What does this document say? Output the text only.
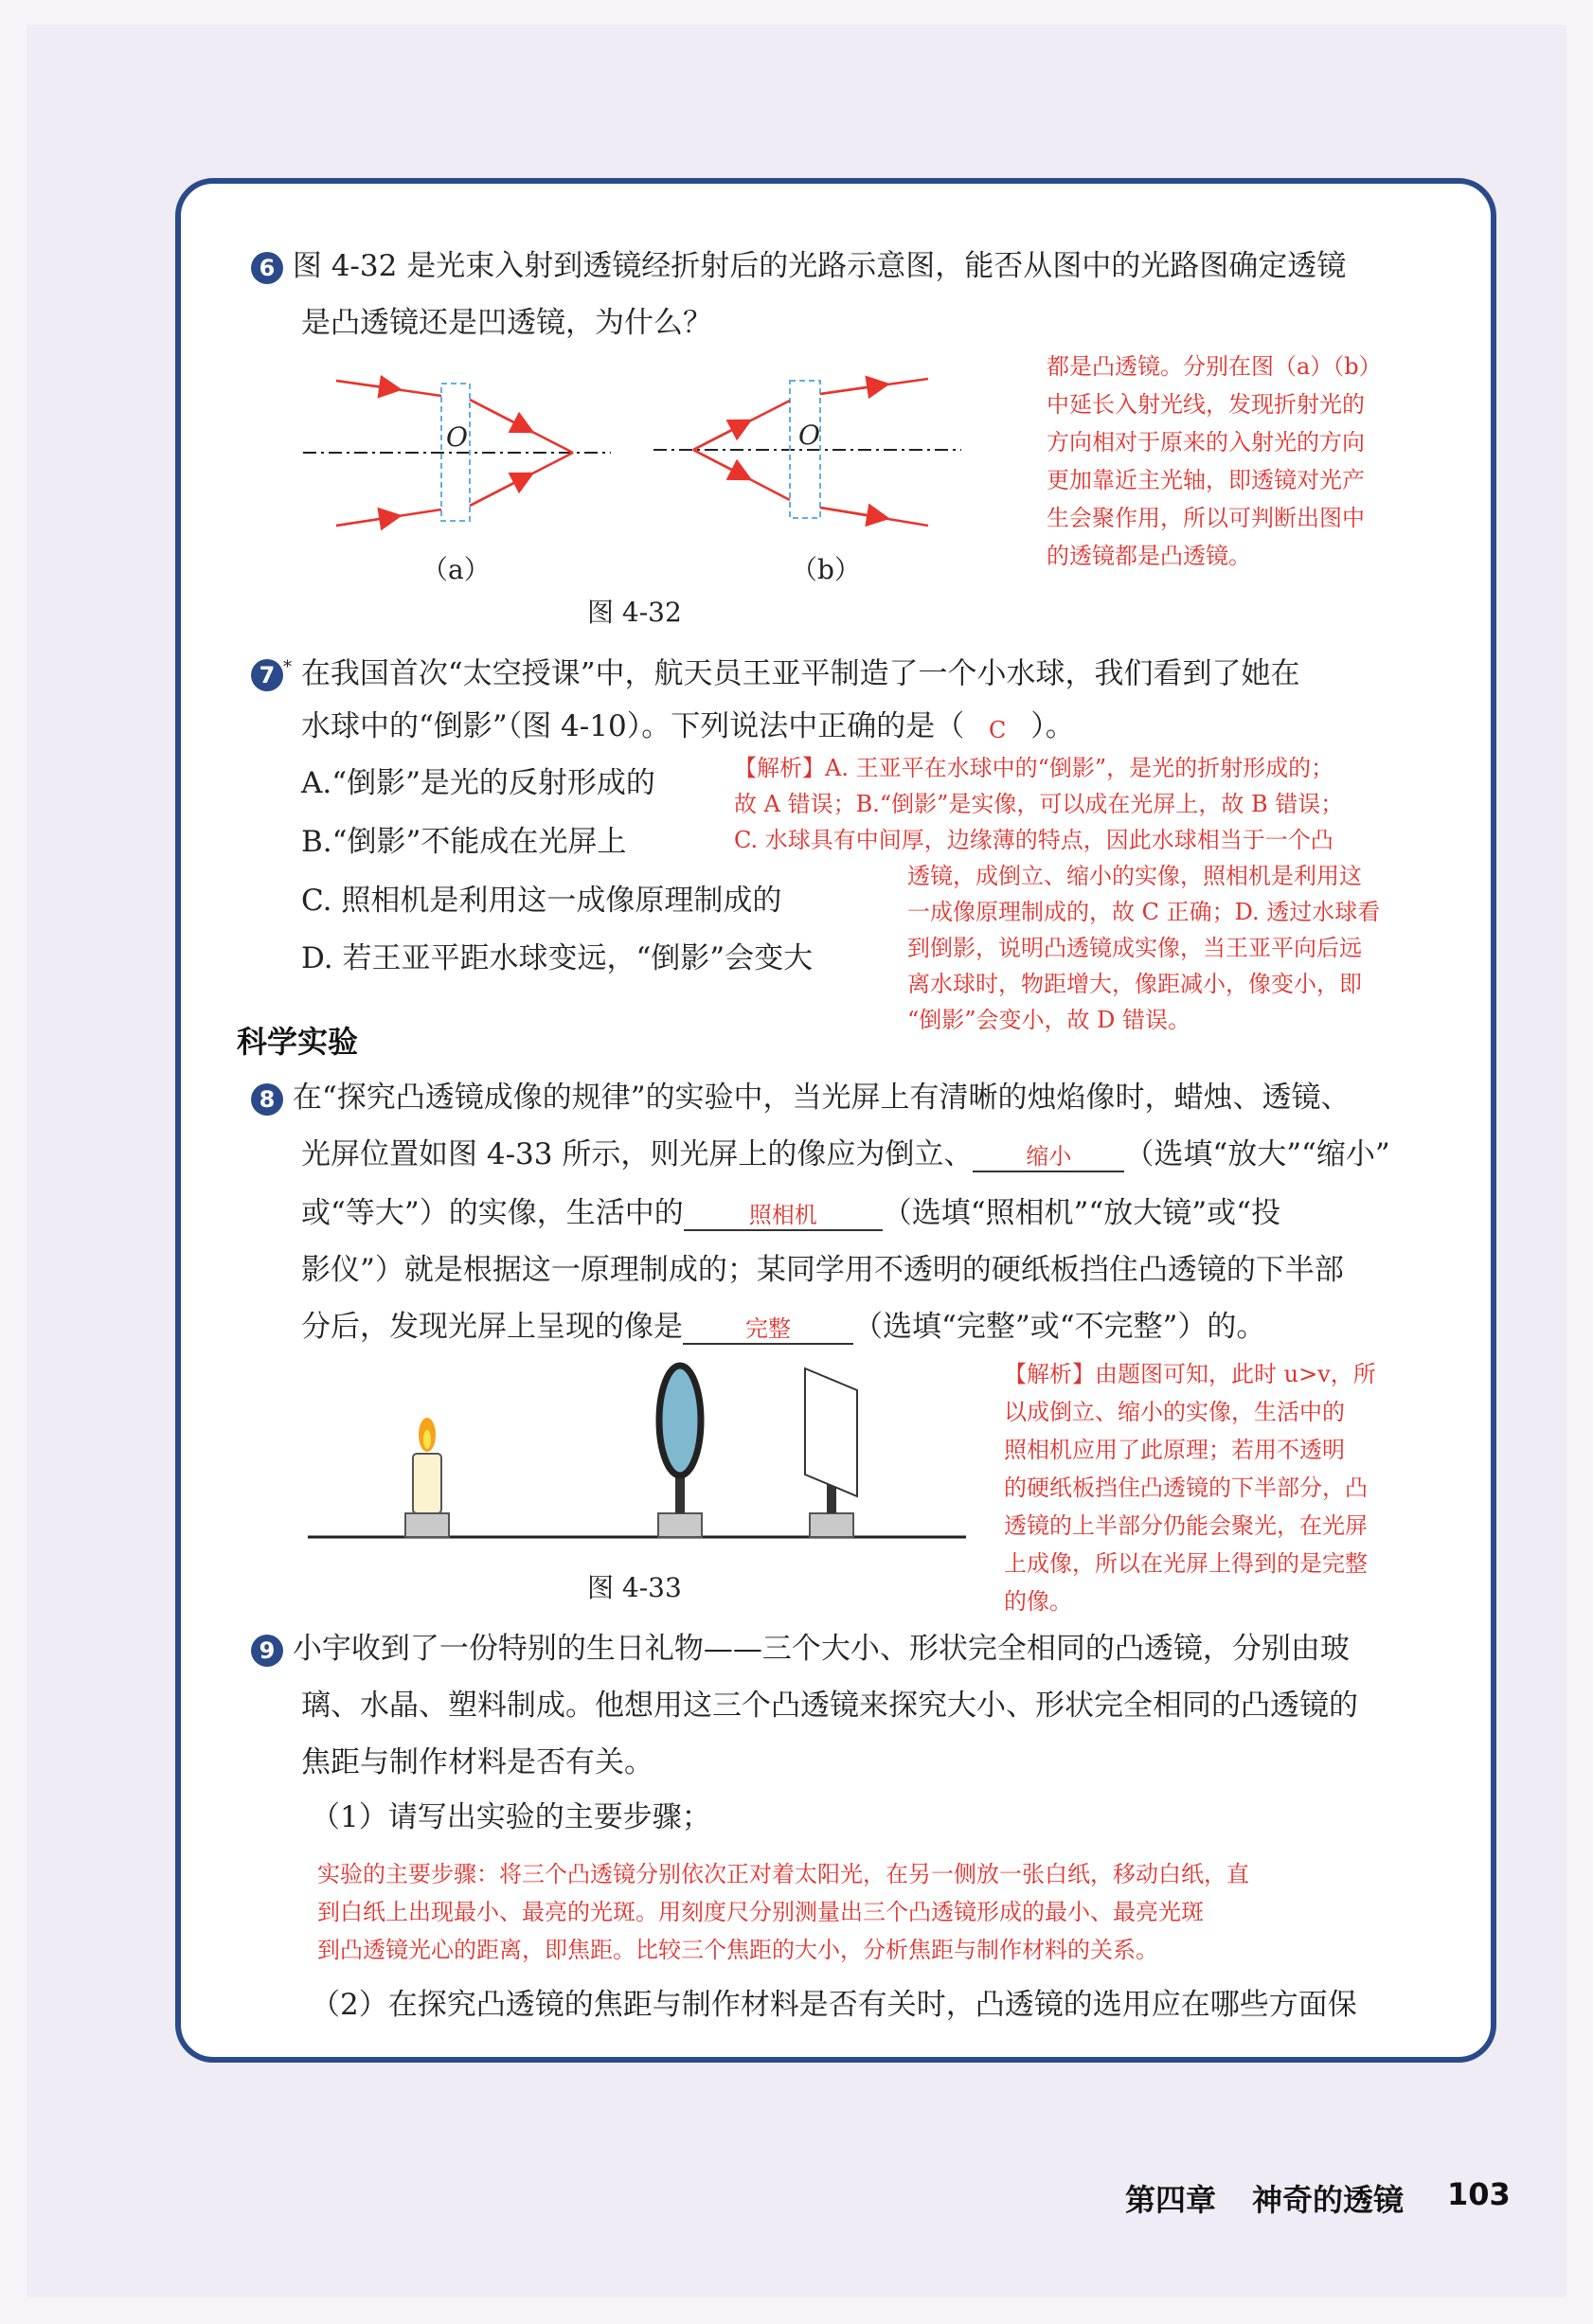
6 图 4-32 是光束入射到透镜经折射后的光路示意图，能否从图中的光路图确定透镜
是凸透镜还是凹透镜，为什么？
O	O
（a）	（b）
图 4-32
都是凸透镜。分别在图（a）（b）
中延长入射光线，发现折射光的
方向相对于原来的入射光的方向
更加靠近主光轴，即透镜对光产
生会聚作用，所以可判断出图中
的透镜都是凸透镜。
7 * 在我国首次“太空授课”中，航天员王亚平制造了一个小水球，我们看到了她在
水球中的“倒影”（图 4-10）。下列说法中正确的是（ C ）。
A.“倒影”是光的反射形成的
B.“倒影”不能成在光屏上
C. 照相机是利用这一成像原理制成的
D. 若王亚平距水球变远，“倒影”会变大
【解析】A. 王亚平在水球中的“倒影”，是光的折射形成的；
故 A 错误；B.“倒影”是实像，可以成在光屏上，故 B 错误；
C. 水球具有中间厚，边缘薄的特点，因此水球相当于一个凸
透镜，成倒立、缩小的实像，照相机是利用这
一成像原理制成的，故 C 正确；D. 透过水球看
到倒影，说明凸透镜成实像，当王亚平向后远
离水球时，物距增大，像距减小，像变小，即
“倒影”会变小，故 D 错误。
科学实验
8 在“探究凸透镜成像的规律”的实验中，当光屏上有清晰的烛焰像时，蜡烛、透镜、
光屏位置如图 4-33 所示，则光屏上的像应为倒立、 缩小 （选填“放大”“缩小”
或“等大”）的实像，生活中的	照相机 （选填“照相机”“放大镜”或“投
影仪”）就是根据这一原理制成的；某同学用不透明的硬纸板挡住凸透镜的下半部
分后，发现光屏上呈现的像是	完整 （选填“完整”或“不完整”）的。
图 4-33
【解析】由题图可知，此时 u>v，所
以成倒立、缩小的实像，生活中的
照相机应用了此原理；若用不透明
的硬纸板挡住凸透镜的下半部分，凸
透镜的上半部分仍能会聚光，在光屏
上成像，所以在光屏上得到的是完整
的像。
9 小宇收到了一份特别的生日礼物——三个大小、形状完全相同的凸透镜，分别由玻
璃、水晶、塑料制成。他想用这三个凸透镜来探究大小、形状完全相同的凸透镜的
焦距与制作材料是否有关。
（1）请写出实验的主要步骤；
实验的主要步骤：将三个凸透镜分别依次正对着太阳光，在另一侧放一张白纸，移动白纸，直
到白纸上出现最小、最亮的光斑。用刻度尺分别测量出三个凸透镜形成的最小、最亮光斑
到凸透镜光心的距离，即焦距。比较三个焦距的大小，分析焦距与制作材料的关系。
（2）在探究凸透镜的焦距与制作材料是否有关时，凸透镜的选用应在哪些方面保
第四章 神奇的透镜 103
